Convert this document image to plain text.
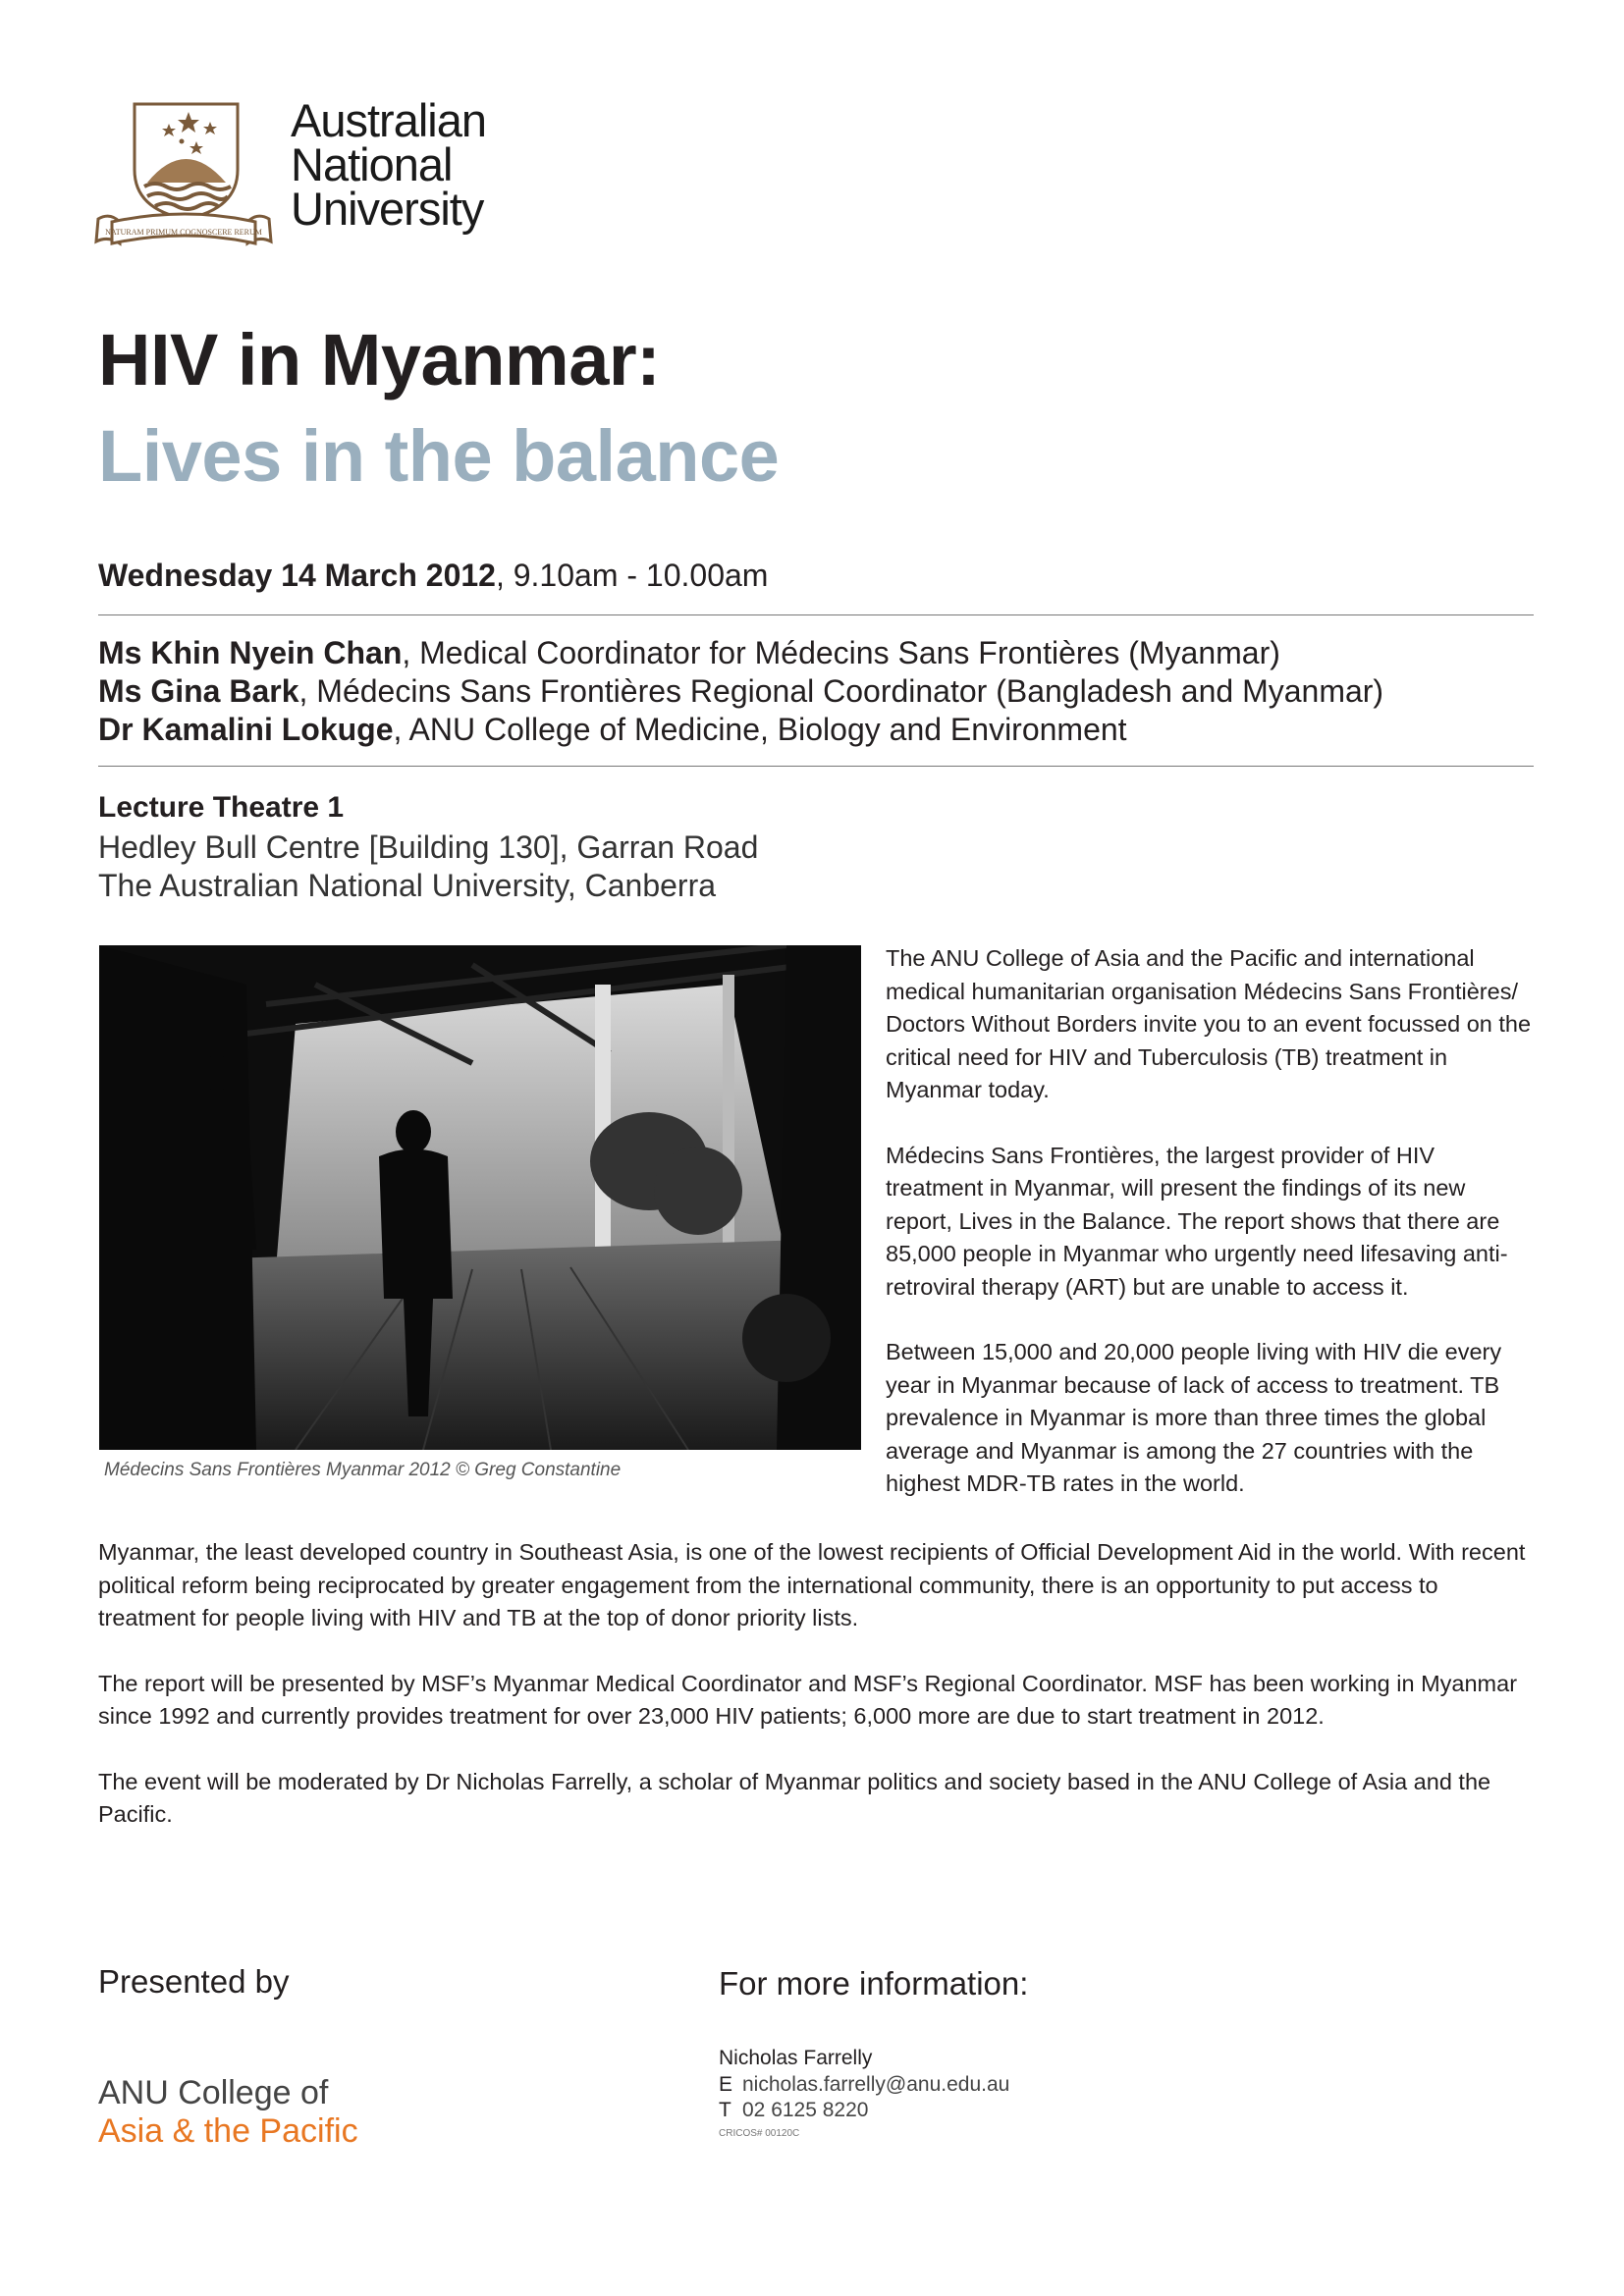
NATURAM PRIMUM COGNOSCERE RERUM
Australian
National
University
HIV in Myanmar:
Lives in the balance
Wednesday 14 March 2012, 9.10am - 10.00am
Ms Khin Nyein Chan, Medical Coordinator for Médecins Sans Frontières (Myanmar)
Ms Gina Bark, Médecins Sans Frontières Regional Coordinator (Bangladesh and Myanmar)
Dr Kamalini Lokuge, ANU College of Medicine, Biology and Environment
Lecture Theatre 1
Hedley Bull Centre [Building 130], Garran Road
The Australian National University, Canberra
Médecins Sans Frontières Myanmar 2012 © Greg Constantine

The ANU College of Asia and the Pacific and international medical humanitarian organisation Médecins Sans Frontières/ Doctors Without Borders invite you to an event focussed on the critical need for HIV and Tuberculosis (TB) treatment in Myanmar today.

Médecins Sans Frontières, the largest provider of HIV treatment in Myanmar, will present the findings of its new report, Lives in the Balance. The report shows that there are 85,000 people in Myanmar who urgently need lifesaving anti-retroviral therapy (ART) but are unable to access it.

Between 15,000 and 20,000 people living with HIV die every year in Myanmar because of lack of access to treatment. TB prevalence in Myanmar is more than three times the global average and Myanmar is among the 27 countries with the highest MDR-TB rates in the world.

Myanmar, the least developed country in Southeast Asia, is one of the lowest recipients of Official Development Aid in the world. With recent political reform being reciprocated by greater engagement from the international community, there is an opportunity to put access to treatment for people living with HIV and TB at the top of donor priority lists.

The report will be presented by MSF’s Myanmar Medical Coordinator and MSF’s Regional Coordinator. MSF has been working in Myanmar since 1992 and currently provides treatment for over 23,000 HIV patients; 6,000 more are due to start treatment in 2012.

The event will be moderated by Dr Nicholas Farrelly, a scholar of Myanmar politics and society based in the ANU College of Asia and the Pacific.

Presented by
ANU College of
Asia & the Pacific
For more information:
Nicholas Farrelly
E nicholas.farrelly@anu.edu.au
T 02 6125 8220
CRICOS# 00120C
